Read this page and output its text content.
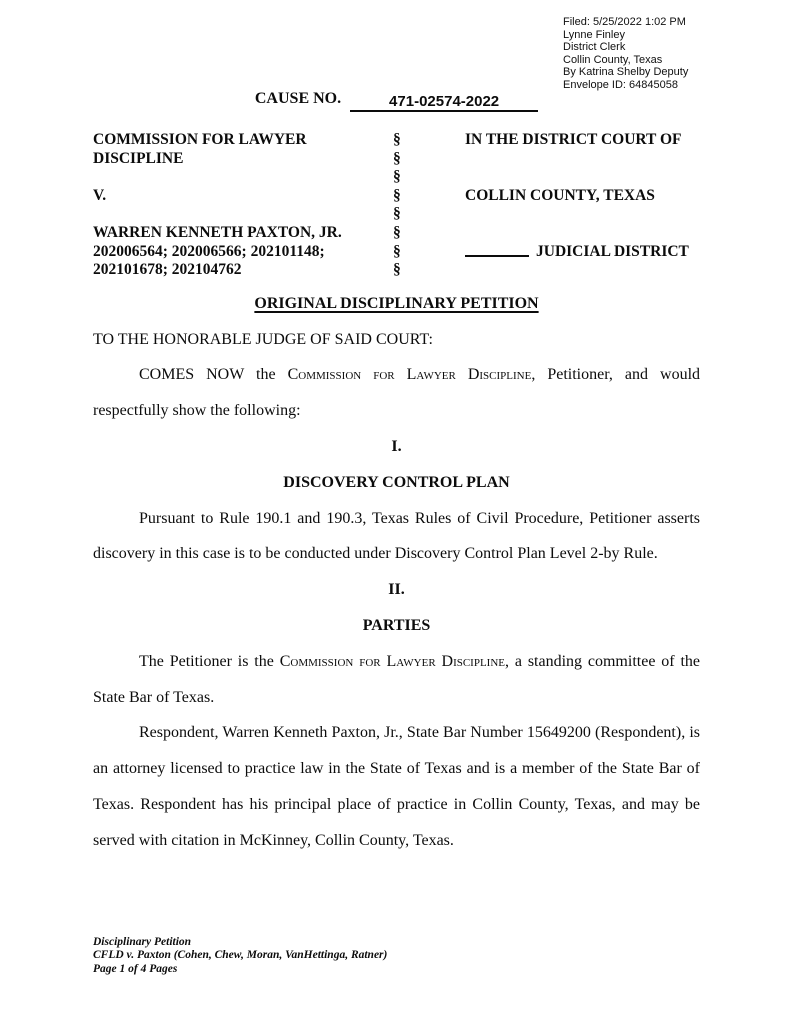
Filed: 5/25/2022 1:02 PM
Lynne Finley
District Clerk
Collin County, Texas
By Katrina Shelby Deputy
Envelope ID: 64845058
CAUSE NO.	471-02574-2022
COMMISSION FOR LAWYER
DISCIPLINE
V.
WARREN KENNETH PAXTON, JR.
202006564; 202006566; 202101148;
202101678; 202104762
§
§
§
§
§
§
§
§
IN THE DISTRICT COURT OF
COLLIN COUNTY, TEXAS
JUDICIAL DISTRICT
ORIGINAL DISCIPLINARY PETITION

TO THE HONORABLE JUDGE OF SAID COURT:

COMES NOW the Commission for Lawyer Discipline, Petitioner, and would respectfully show the following:

I.
DISCOVERY CONTROL PLAN

Pursuant to Rule 190.1 and 190.3, Texas Rules of Civil Procedure, Petitioner asserts discovery in this case is to be conducted under Discovery Control Plan Level 2-by Rule.

II.
PARTIES

The Petitioner is the Commission for Lawyer Discipline, a standing committee of the State Bar of Texas.

Respondent, Warren Kenneth Paxton, Jr., State Bar Number 15649200 (Respondent), is an attorney licensed to practice law in the State of Texas and is a member of the State Bar of Texas. Respondent has his principal place of practice in Collin County, Texas, and may be served with citation in McKinney, Collin County, Texas.

Disciplinary Petition
CFLD v. Paxton (Cohen, Chew, Moran, VanHettinga, Ratner)
Page 1 of 4 Pages
